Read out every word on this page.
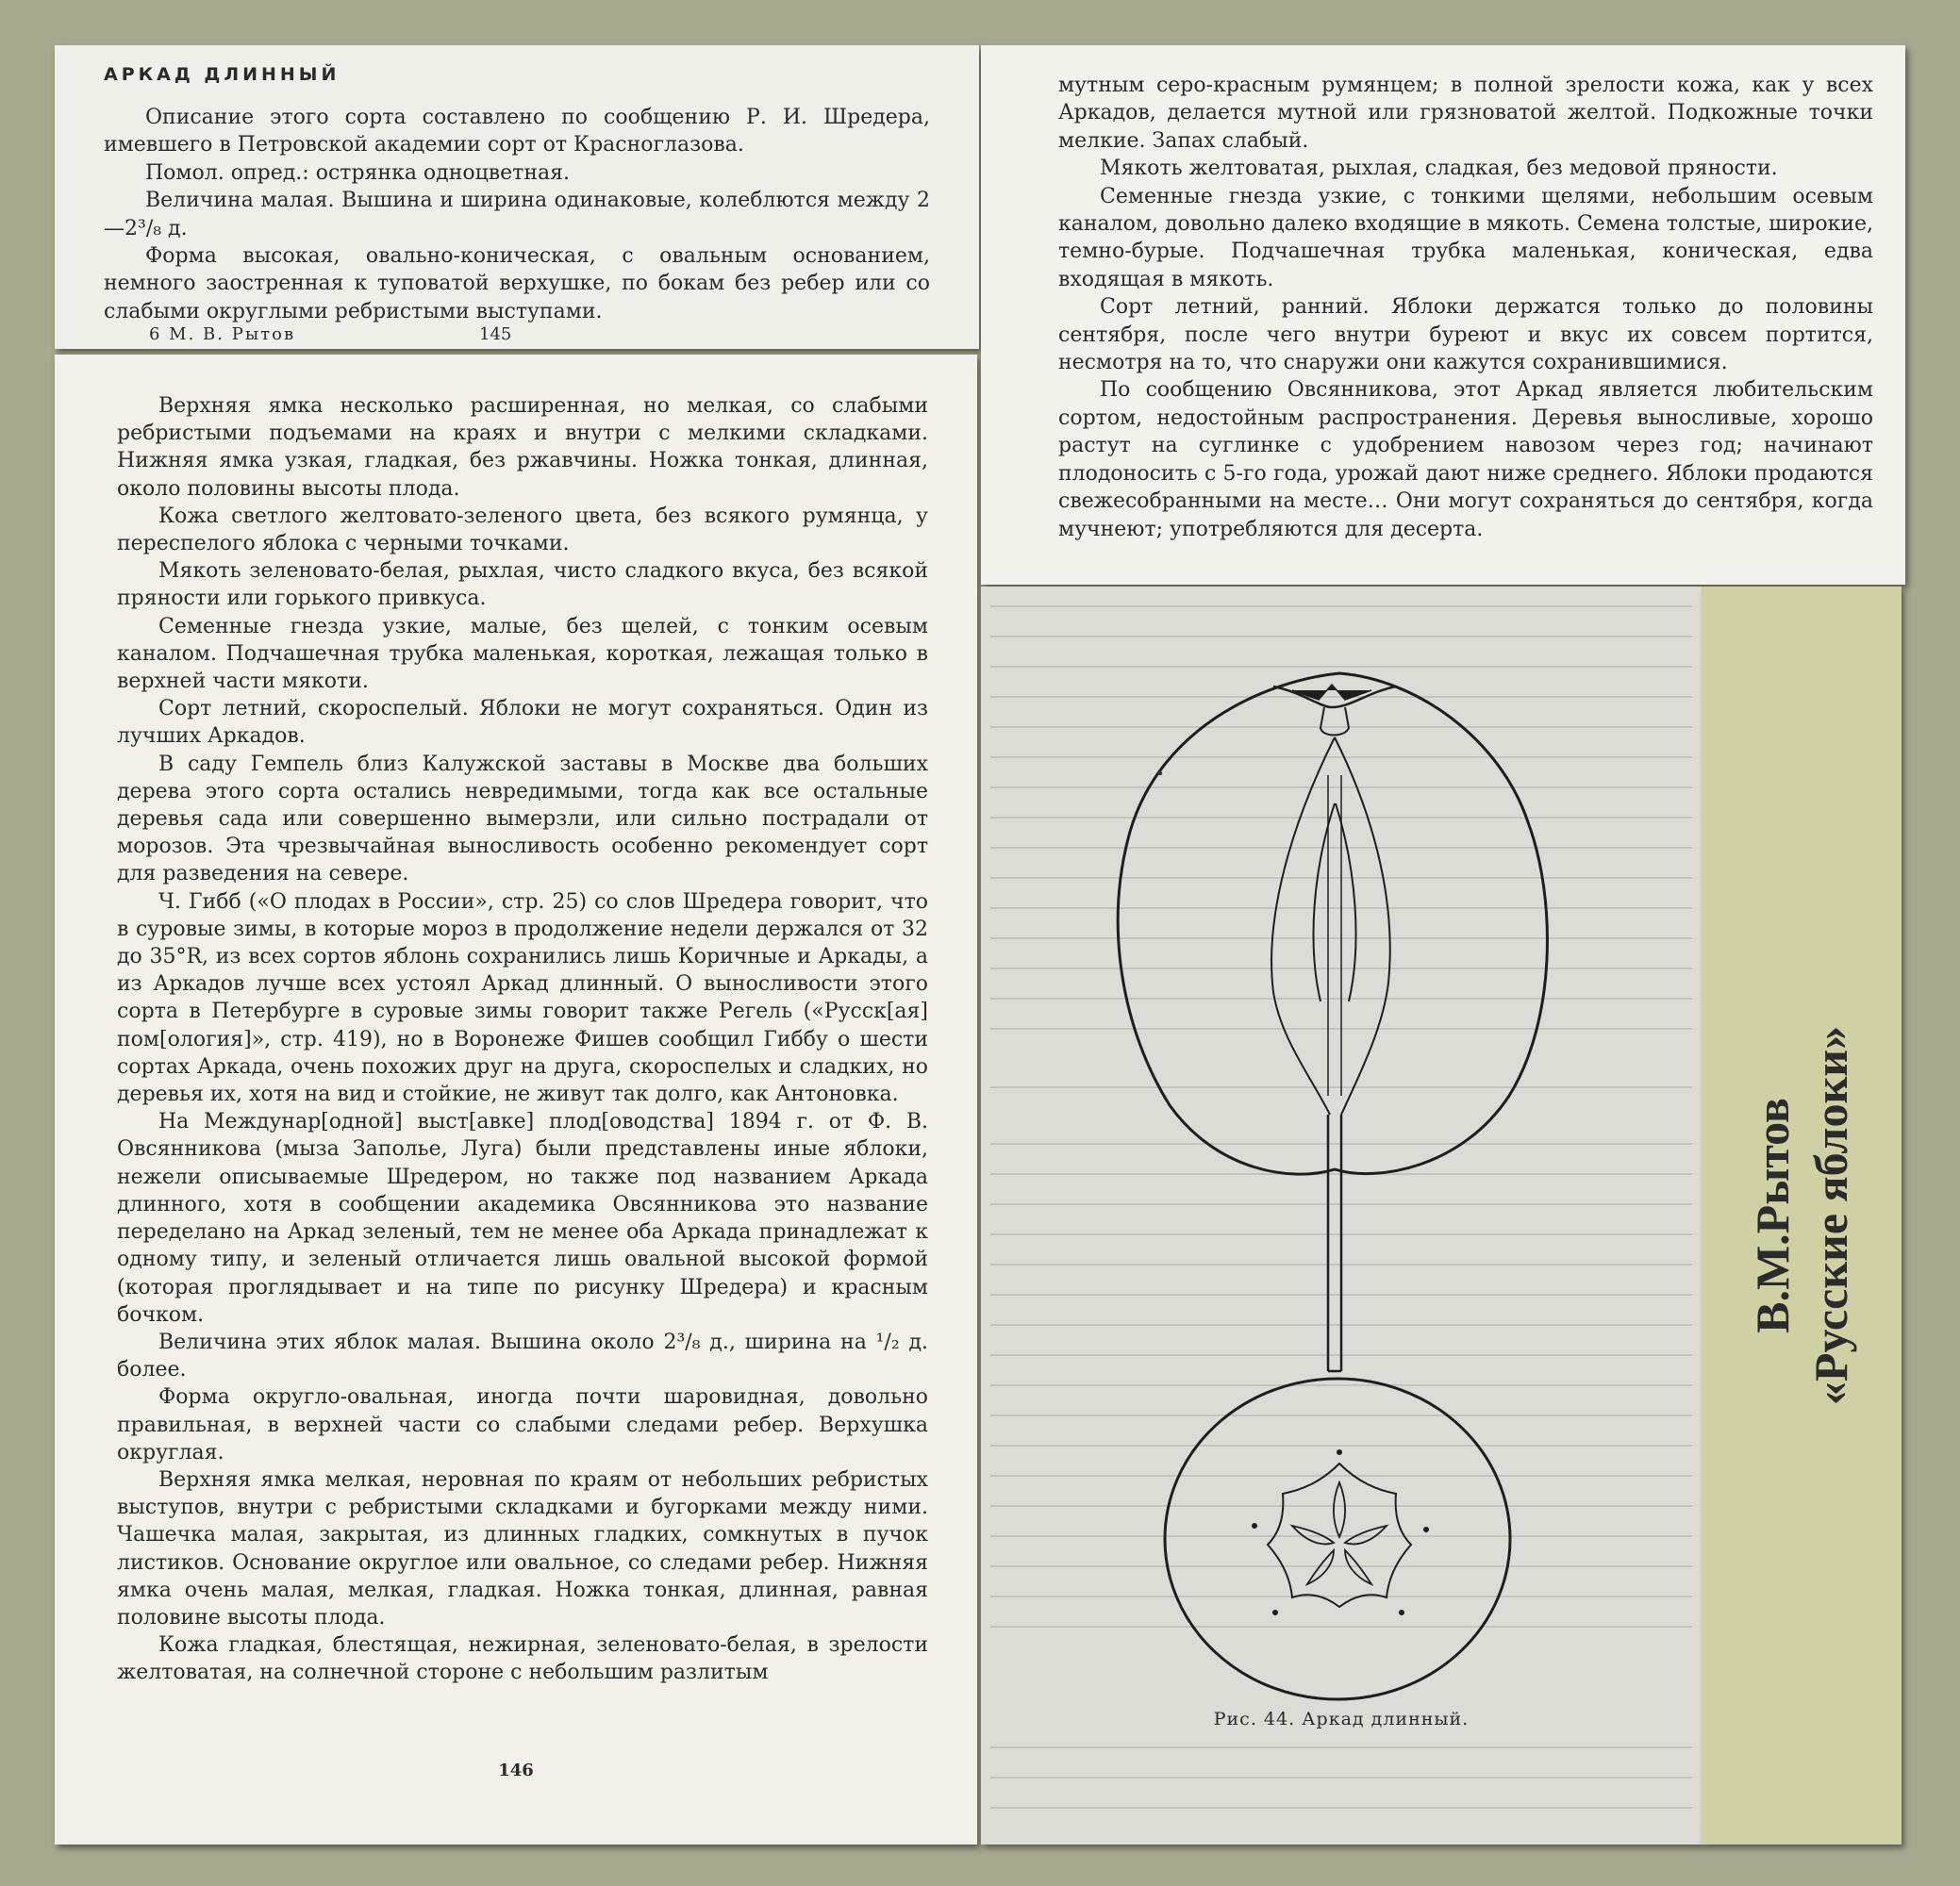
АРКАД ДЛИННЫЙ

Описание этого сорта составлено по сообщению Р. И. Шредера, имевшего в Петровской академии сорт от Красноглазова.

Помол. опред.: острянка одноцветная.

Величина малая. Вышина и ширина одинаковые, колеблются между 2—2³/₈ д.

Форма высокая, овально-коническая, с овальным основанием, немного заостренная к туповатой верхушке, по бокам без ребер или со слабыми округлыми ребристыми выступами.

6 М. В. Рытов	145

Верхняя ямка несколько расширенная, но мелкая, со слабыми ребристыми подъемами на краях и внутри с мелкими складками. Нижняя ямка узкая, гладкая, без ржавчины. Ножка тонкая, длинная, около половины высоты плода.

Кожа светлого желтовато-зеленого цвета, без всякого румянца, у переспелого яблока с черными точками.

Мякоть зеленовато-белая, рыхлая, чисто сладкого вкуса, без всякой пряности или горького привкуса.

Семенные гнезда узкие, малые, без щелей, с тонким осевым каналом. Подчашечная трубка маленькая, короткая, лежащая только в верхней части мякоти.

Сорт летний, скороспелый. Яблоки не могут сохраняться. Один из лучших Аркадов.

В саду Гемпель близ Калужской заставы в Москве два больших дерева этого сорта остались невредимыми, тогда как все остальные деревья сада или совершенно вымерзли, или сильно пострадали от морозов. Эта чрезвычайная выносливость особенно рекомендует сорт для разведения на севере.

Ч. Гибб («О плодах в России», стр. 25) со слов Шредера говорит, что в суровые зимы, в которые мороз в продолжение недели держался от 32 до 35°R, из всех сортов яблонь сохранились лишь Коричные и Аркады, а из Аркадов лучше всех устоял Аркад длинный. О выносливости этого сорта в Петербурге в суровые зимы говорит также Регель («Русск[ая] пом[ология]», стр. 419), но в Воронеже Фишев сообщил Гиббу о шести сортах Аркада, очень похожих друг на друга, скороспелых и сладких, но деревья их, хотя на вид и стойкие, не живут так долго, как Антоновка.

На Междунар[одной] выст[авке] плод[оводства] 1894 г. от Ф. В. Овсянникова (мыза Заполье, Луга) были представлены иные яблоки, нежели описываемые Шредером, но также под названием Аркада длинного, хотя в сообщении академика Овсянникова это название переделано на Аркад зеленый, тем не менее оба Аркада принадлежат к одному типу, и зеленый отличается лишь овальной высокой формой (которая проглядывает и на типе по рисунку Шредера) и красным бочком.

Величина этих яблок малая. Вышина около 2³/₈ д., ширина на ¹/₂ д. более.

Форма округло-овальная, иногда почти шаровидная, довольно правильная, в верхней части со слабыми следами ребер. Верхушка округлая.

Верхняя ямка мелкая, неровная по краям от небольших ребристых выступов, внутри с ребристыми складками и бугорками между ними. Чашечка малая, закрытая, из длинных гладких, сомкнутых в пучок листиков. Основание округлое или овальное, со следами ребер. Нижняя ямка очень малая, мелкая, гладкая. Ножка тонкая, длинная, равная половине высоты плода.

Кожа гладкая, блестящая, нежирная, зеленовато-белая, в зрелости желтоватая, на солнечной стороне с небольшим разлитым

146

мутным серо-красным румянцем; в полной зрелости кожа, как у всех Аркадов, делается мутной или грязноватой желтой. Подкожные точки мелкие. Запах слабый.

Мякоть желтоватая, рыхлая, сладкая, без медовой пряности.

Семенные гнезда узкие, с тонкими щелями, небольшим осевым каналом, довольно далеко входящие в мякоть. Семена толстые, широкие, темно-бурые. Подчашечная трубка маленькая, коническая, едва входящая в мякоть.

Сорт летний, ранний. Яблоки держатся только до половины сентября, после чего внутри буреют и вкус их совсем портится, несмотря на то, что снаружи они кажутся сохранившимися.

По сообщению Овсянникова, этот Аркад является любительским сортом, недостойным распространения. Деревья выносливые, хорошо растут на суглинке с удобрением навозом через год; начинают плодоносить с 5-го года, урожай дают ниже среднего. Яблоки продаются свежесобранными на месте… Они могут сохраняться до сентября, когда мучнеют; употребляются для десерта.

Рис. 44. Аркад длинный.
В.М.Рытов «Русские яблоки»
